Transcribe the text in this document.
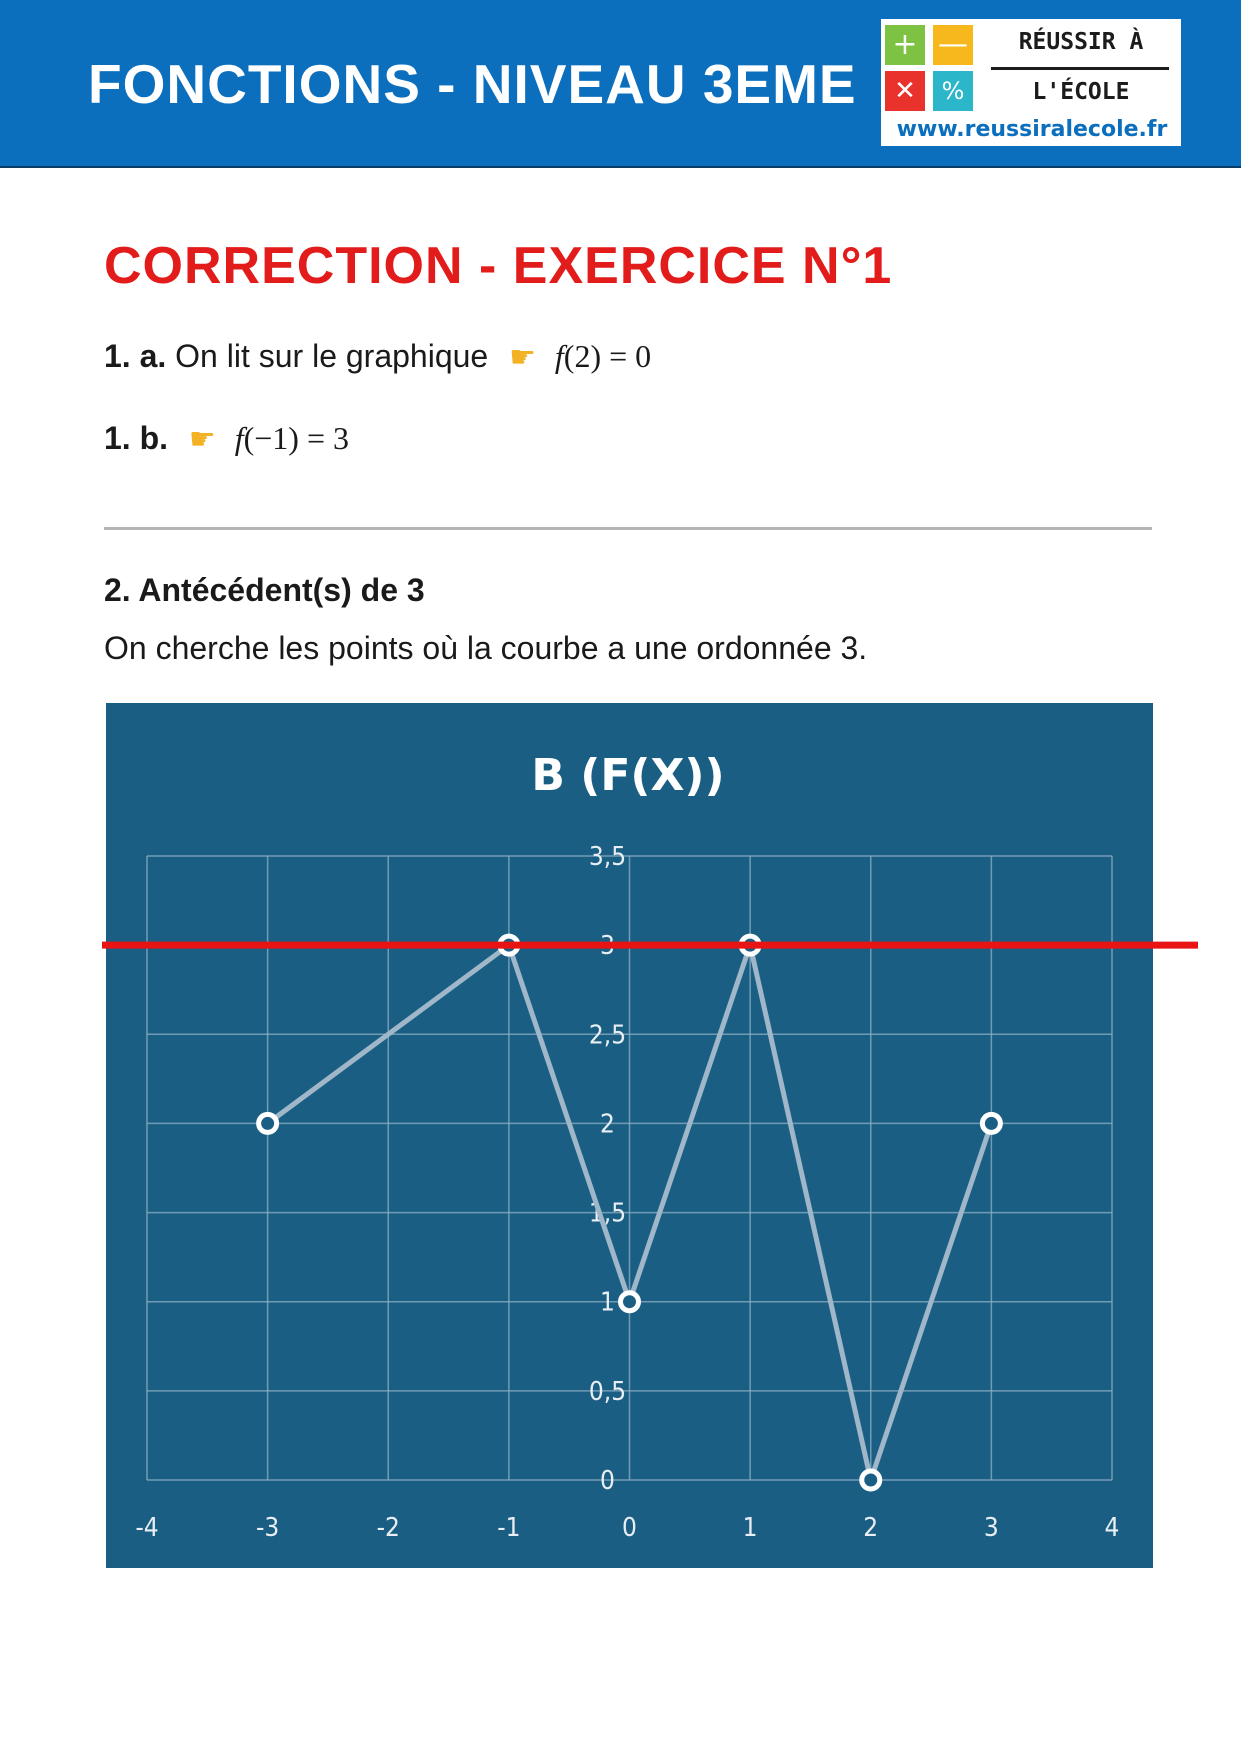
FONCTIONS - NIVEAU 3EME
+ —
✕	%
RÉUSSIR À
L'ÉCOLE
www.reussiralecole.fr
CORRECTION - EXERCICE N°1
1. a. On lit sur le graphique ☛ f(2) = 0
1. b. ☛ f(−1) = 3
2. Antécédent(s) de 3

On cherche les points où la courbe a une ordonnée 3.

-4	-3	-2	-1	0	1	2	3	4
0
0,5
1
1,5
2
2,5
3
3,5
B (F(X))
